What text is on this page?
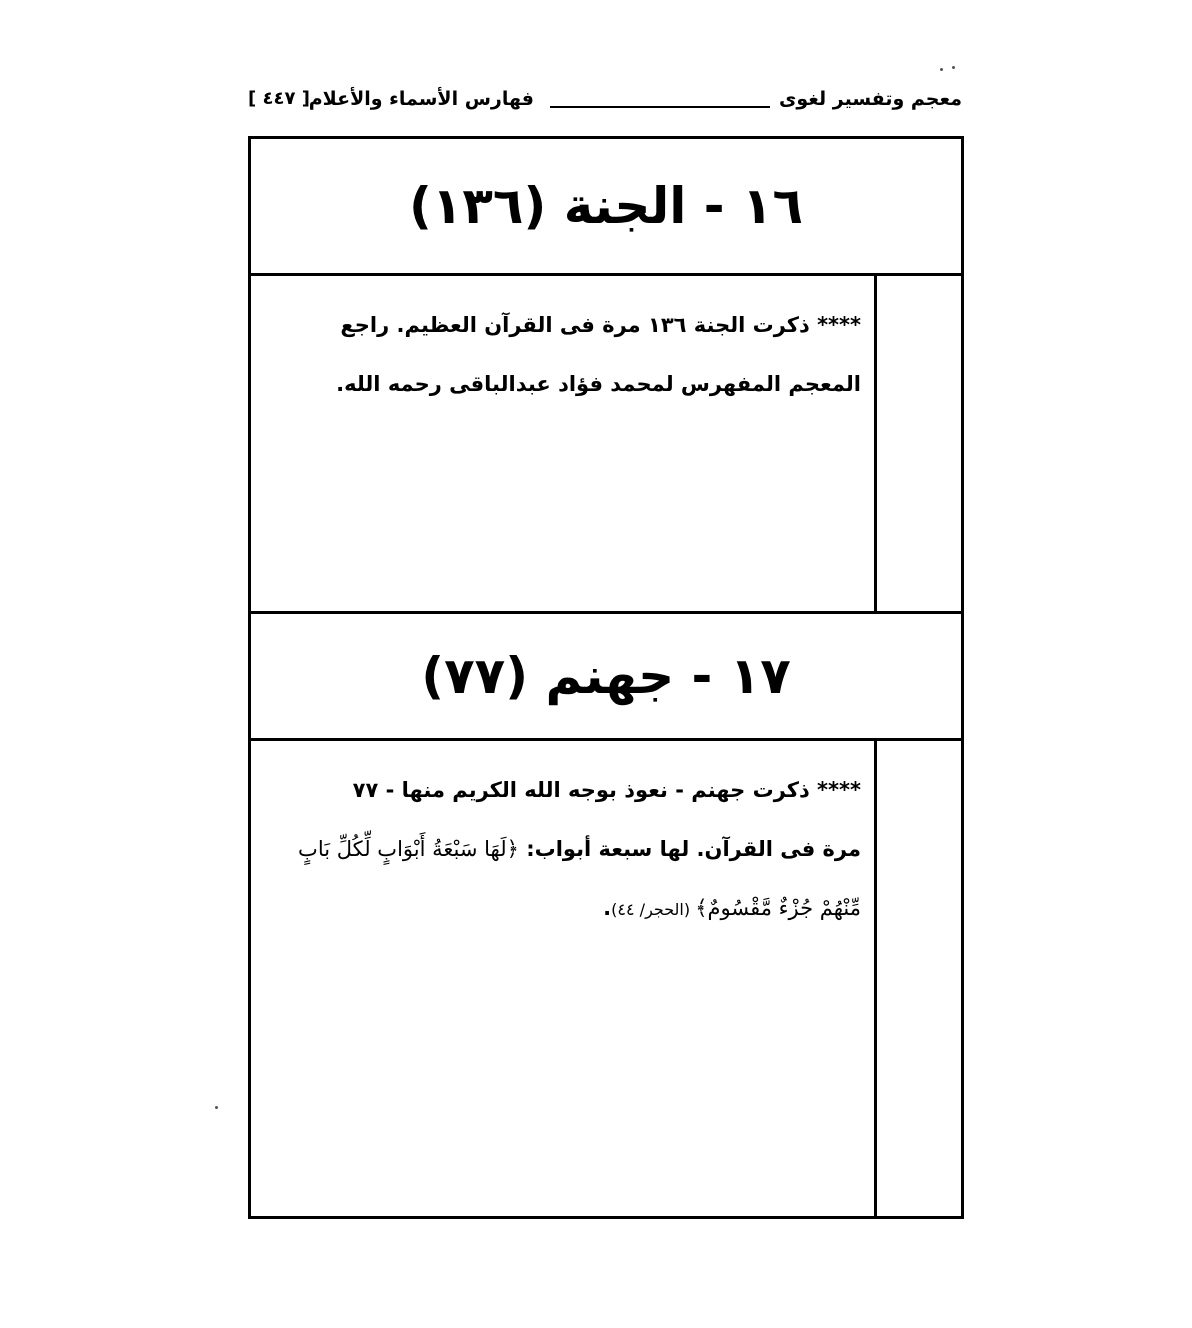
معجم وتفسير لغوى
فهارس الأسماء والأعلام
[ ٤٤٧ ]
١٦ - الجنة (١٣٦)
**** ذكرت الجنة ١٣٦ مرة فى القرآن العظيم. راجع
المعجم المفهرس لمحمد فؤاد عبدالباقى رحمه الله.
١٧ - جهنم (٧٧)
**** ذكرت جهنم - نعوذ بوجه الله الكريم منها - ٧٧
مرة فى القرآن. لها سبعة أبواب: ﴿لَهَا سَبْعَةُ أَبْوَابٍ لِّكُلِّ بَابٍ
مِّنْهُمْ جُزْءٌ مَّقْسُومٌ﴾ (الحجر/ ٤٤).
